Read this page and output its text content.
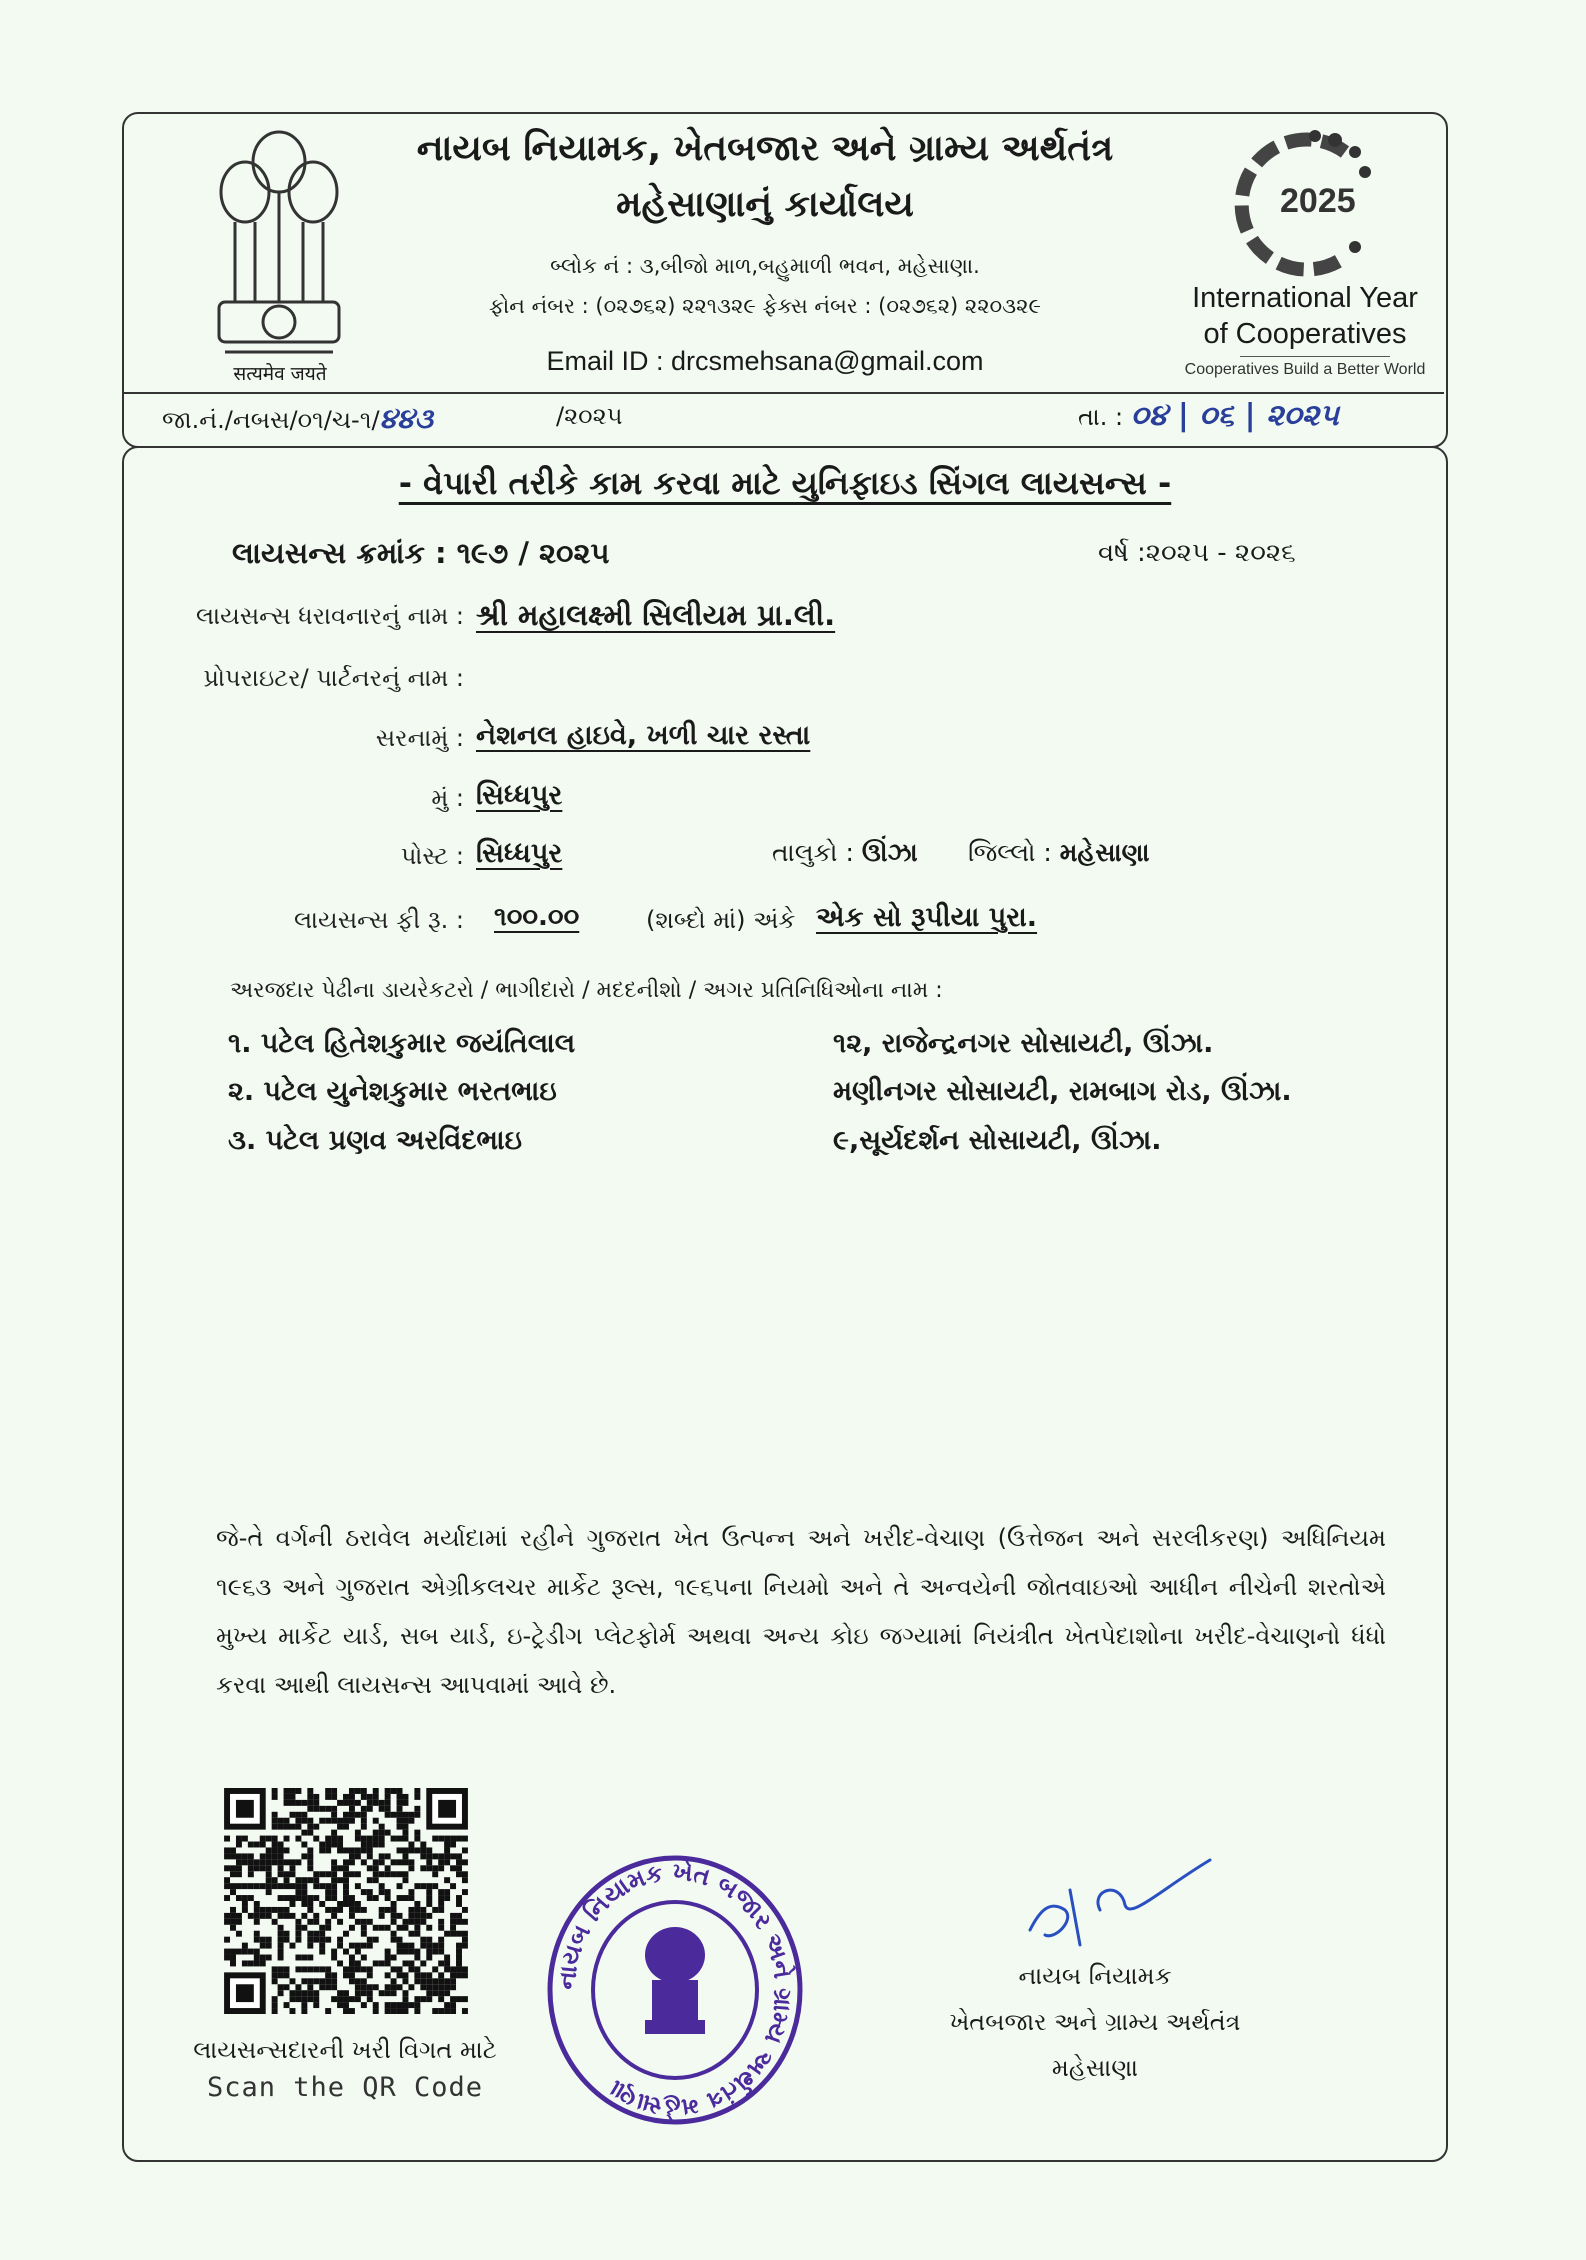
सत्यमेव जयते
નાયબ નિયામક, ખેતબજાર અને ગ્રામ્ય અર્થતંત્ર
મહેસાણાનું કાર્યાલય
બ્લોક નં : ૩,બીજો માળ,બહુમાળી ભવન, મહેસાણા.
ફોન નંબર : (૦૨૭૬૨) ૨૨૧૩૨૯ ફેક્સ નંબર : (૦૨૭૬૨) ૨૨૦૩૨૯
Email ID : drcsmehsana@gmail.com
2025
International Year
of Cooperatives
Cooperatives Build a Better World
જા.નં./નબસ/૦૧/ચ-૧/૪૪૩	/૨૦૨૫	તા. : ૦૪ | ૦૬ | ૨૦૨૫
- વેપારી તરીકે કામ કરવા માટે યુનિફાઇડ સિંગલ લાયસન્સ -
લાયસન્સ ક્રમાંક : ૧૯૭ / ૨૦૨૫	વર્ષ :૨૦૨૫ - ૨૦૨૬
લાયસન્સ ધરાવનારનું નામ : શ્રી મહાલક્ષ્મી સિલીયમ પ્રા.લી.
પ્રોપરાઇટર/ પાર્ટનરનું નામ :
સરનામું : નેશનલ હાઇવે, ખળી ચાર રસ્તા
મું : સિધ્ધપુર
પોસ્ટ : સિધ્ધપુર	તાલુકો : ઊંઝા જિલ્લો : મહેસાણા
લાયસન્સ ફી રૂ. : ૧૦૦.૦૦	(શબ્દો માં) અંકે એક સો રૂપીયા પુરા.
અરજદાર પેઢીના ડાયરેકટરો / ભાગીદારો / મદદનીશો / અગર પ્રતિનિધિઓના નામ :
૧. પટેલ હિતેશકુમાર જયંતિલાલ	૧૨, રાજેન્દ્રનગર સોસાયટી, ઊંઝા.
૨. પટેલ યુનેશકુમાર ભરતભાઇ	મણીનગર સોસાયટી, રામબાગ રોડ, ઊંઝા.
૩. પટેલ પ્રણવ અરવિંદભાઇ	૯,સૂર્યદર્શન સોસાયટી, ઊંઝા.
જે-તે વર્ગની ઠરાવેલ મર્યાદામાં રહીને ગુજરાત ખેત ઉત્પન્ન અને ખરીદ-વેચાણ (ઉત્તેજન અને સરલીકરણ) અધિનિયમ ૧૯૬૩ અને ગુજરાત એગ્રીકલચર માર્કેટ રૂલ્સ, ૧૯૬૫ના નિયમો અને તે અન્વયેની જોતવાઇઓ આધીન નીચેની શરતોએ મુખ્ય માર્કેટ યાર્ડ, સબ યાર્ડ, ઇ-ટ્રેડીગ પ્લેટફોર્મ અથવા અન્ય કોઇ જગ્યામાં નિયંત્રીત ખેતપેદાશોના ખરીદ-વેચાણનો ધંધો કરવા આથી લાયસન્સ આપવામાં આવે છે.
લાયસન્સદારની ખરી વિગત માટે
Scan the QR Code
નાયબ નિયામક ખેત બજાર અને ગ્રામ્ય અર્થતંત્ર મહેસાણા
નાયબ નિયામક
ખેતબજાર અને ગ્રામ્ય અર્થતંત્ર
મહેસાણા
